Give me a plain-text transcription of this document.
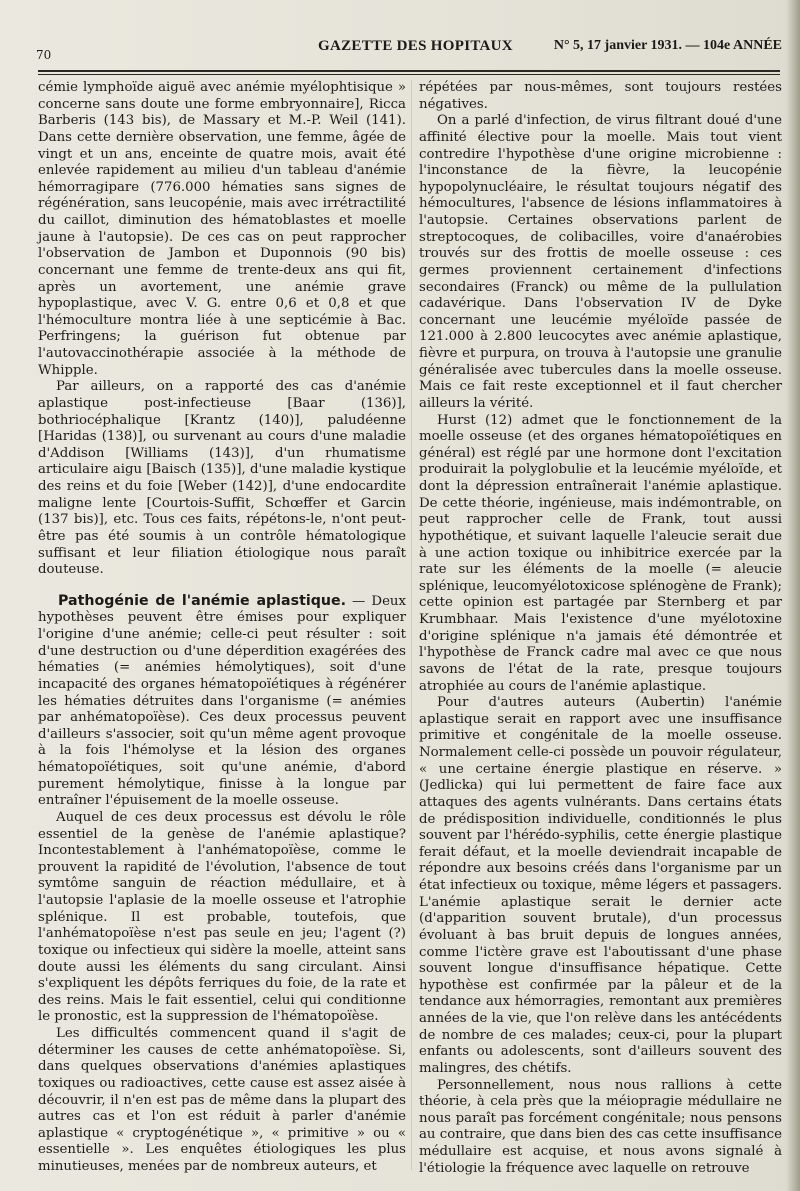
70
GAZETTE DES HOPITAUX	N° 5, 17 janvier 1931. — 104e ANNÉE

cémie lymphoïde aiguë avec anémie myélophtisique » concerne sans doute une forme embryonnaire], Ricca Barberis (143 bis), de Massary et M.-P. Weil (141). Dans cette dernière observation, une femme, âgée de vingt et un ans, enceinte de quatre mois, avait été enlevée rapidement au milieu d'un tableau d'anémie hémorragipare (776.000 hématies sans signes de régénération, sans leucopénie, mais avec irrétractilité du caillot, diminution des hématoblastes et moelle jaune à l'autopsie). De ces cas on peut rapprocher l'observation de Jambon et Duponnois (90 bis) concernant une femme de trente-deux ans qui fit, après un avortement, une anémie grave hypoplastique, avec V. G. entre 0,6 et 0,8 et que l'hémoculture montra liée à une septicémie à Bac. Perfringens; la guérison fut obtenue par l'autovaccinothérapie associée à la méthode de Whipple.

Par ailleurs, on a rapporté des cas d'anémie aplastique post-infectieuse [Baar (136)], bothriocéphalique [Krantz (140)], paludéenne [Haridas (138)], ou survenant au cours d'une maladie d'Addison [Williams (143)], d'un rhumatisme articulaire aigu [Baisch (135)], d'une maladie kystique des reins et du foie [Weber (142)], d'une endocardite maligne lente [Courtois-Suffit, Schœffer et Garcin (137 bis)], etc. Tous ces faits, répétons-le, n'ont peut-être pas été soumis à un contrôle hématologique suffisant et leur filiation étiologique nous paraît douteuse.

Pathogénie de l'anémie aplastique. — Deux hypothèses peuvent être émises pour expliquer l'origine d'une anémie; celle-ci peut résulter : soit d'une destruction ou d'une déperdition exagérées des hématies (= anémies hémolytiques), soit d'une incapacité des organes hématopoïétiques à régénérer les hématies détruites dans l'organisme (= anémies par anhématopoïèse). Ces deux processus peuvent d'ailleurs s'associer, soit qu'un même agent provoque à la fois l'hémolyse et la lésion des organes hématopoïétiques, soit qu'une anémie, d'abord purement hémolytique, finisse à la longue par entraîner l'épuisement de la moelle osseuse.

Auquel de ces deux processus est dévolu le rôle essentiel de la genèse de l'anémie aplastique? Incontestablement à l'anhématopoïèse, comme le prouvent la rapidité de l'évolution, l'absence de tout symtôme sanguin de réaction médullaire, et à l'autopsie l'aplasie de la moelle osseuse et l'atrophie splénique. Il est probable, toutefois, que l'anhématopoïèse n'est pas seule en jeu; l'agent (?) toxique ou infectieux qui sidère la moelle, atteint sans doute aussi les éléments du sang circulant. Ainsi s'expliquent les dépôts ferriques du foie, de la rate et des reins. Mais le fait essentiel, celui qui conditionne le pronostic, est la suppression de l'hématopoïèse.

Les difficultés commencent quand il s'agit de déterminer les causes de cette anhématopoïèse. Si, dans quelques observations d'anémies aplastiques toxiques ou radioactives, cette cause est assez aisée à découvrir, il n'en est pas de même dans la plupart des autres cas et l'on est réduit à parler d'anémie aplastique « cryptogénétique », « primitive » ou « essentielle ». Les enquêtes étiologiques les plus minutieuses, menées par de nombreux auteurs, et

répétées par nous-mêmes, sont toujours restées négatives.

On a parlé d'infection, de virus filtrant doué d'une affinité élective pour la moelle. Mais tout vient contredire l'hypothèse d'une origine microbienne : l'inconstance de la fièvre, la leucopénie hypopolynucléaire, le résultat toujours négatif des hémocultures, l'absence de lésions inflammatoires à l'autopsie. Certaines observations parlent de streptocoques, de colibacilles, voire d'anaérobies trouvés sur des frottis de moelle osseuse : ces germes proviennent certainement d'infections secondaires (Franck) ou même de la pullulation cadavérique. Dans l'observation IV de Dyke concernant une leucémie myéloïde passée de 121.000 à 2.800 leucocytes avec anémie aplastique, fièvre et purpura, on trouva à l'autopsie une granulie généralisée avec tubercules dans la moelle osseuse. Mais ce fait reste exceptionnel et il faut chercher ailleurs la vérité.

Hurst (12) admet que le fonctionnement de la moelle osseuse (et des organes hématopoïétiques en général) est réglé par une hormone dont l'excitation produirait la polyglobulie et la leucémie myéloïde, et dont la dépression entraînerait l'anémie aplastique. De cette théorie, ingénieuse, mais indémontrable, on peut rapprocher celle de Frank, tout aussi hypothétique, et suivant laquelle l'aleucie serait due à une action toxique ou inhibitrice exercée par la rate sur les éléments de la moelle (= aleucie splénique, leucomyélotoxicose splénogène de Frank); cette opinion est partagée par Sternberg et par Krumbhaar. Mais l'existence d'une myélotoxine d'origine splénique n'a jamais été démontrée et l'hypothèse de Franck cadre mal avec ce que nous savons de l'état de la rate, presque toujours atrophiée au cours de l'anémie aplastique.

Pour d'autres auteurs (Aubertin) l'anémie aplastique serait en rapport avec une insuffisance primitive et congénitale de la moelle osseuse. Normalement celle-ci possède un pouvoir régulateur, « une certaine énergie plastique en réserve. » (Jedlicka) qui lui permettent de faire face aux attaques des agents vulnérants. Dans certains états de prédisposition individuelle, conditionnés le plus souvent par l'hérédo-syphilis, cette énergie plastique ferait défaut, et la moelle deviendrait incapable de répondre aux besoins créés dans l'organisme par un état infectieux ou toxique, même légers et passagers. L'anémie aplastique serait le dernier acte (d'apparition souvent brutale), d'un processus évoluant à bas bruit depuis de longues années, comme l'ictère grave est l'aboutissant d'une phase souvent longue d'insuffisance hépatique. Cette hypothèse est confirmée par la pâleur et de la tendance aux hémorragies, remontant aux premières années de la vie, que l'on relève dans les antécédents de nombre de ces malades; ceux-ci, pour la plupart enfants ou adolescents, sont d'ailleurs souvent des malingres, des chétifs.

Personnellement, nous nous rallions à cette théorie, à cela près que la méiopragie médullaire ne nous paraît pas forcément congénitale; nous pensons au contraire, que dans bien des cas cette insuffisance médullaire est acquise, et nous avons signalé à l'étiologie la fréquence avec laquelle on retrouve
